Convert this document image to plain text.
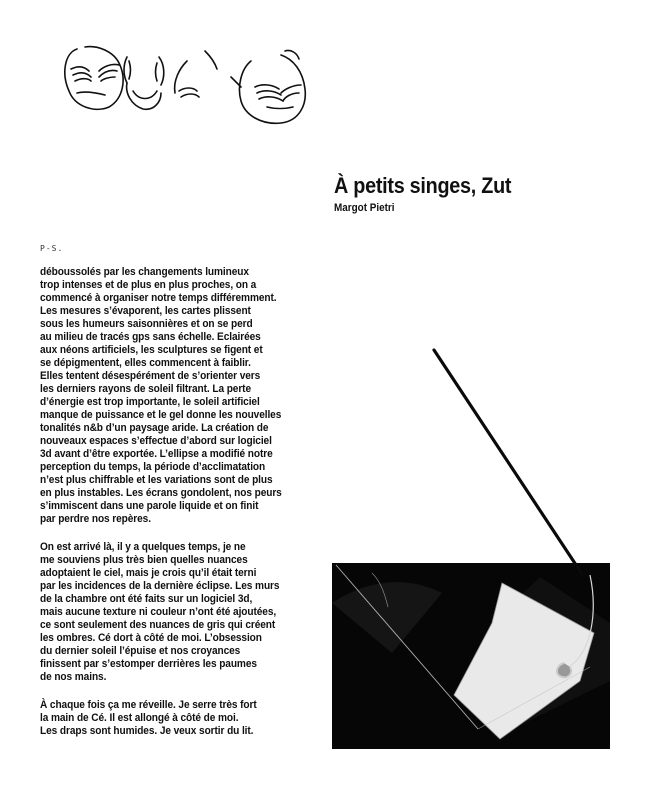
À petits singes, Zut
Margot Pietri
P-S.
déboussolés par les changements lumineux
trop intenses et de plus en plus proches, on a
commencé à organiser notre temps différemment.
Les mesures s’évaporent, les cartes plissent
sous les humeurs saisonnières et on se perd
au milieu de tracés gps sans échelle. Eclairées
aux néons artificiels, les sculptures se figent et
se dépigmentent, elles commencent à faiblir.
Elles tentent désespérément de s’orienter vers
les derniers rayons de soleil filtrant. La perte
d’énergie est trop importante, le soleil artificiel
manque de puissance et le gel donne les nouvelles
tonalités n&b d’un paysage aride. La création de
nouveaux espaces s’effectue d’abord sur logiciel
3d avant d’être exportée. L’ellipse a modifié notre
perception du temps, la période d’acclimatation
n’est plus chiffrable et les variations sont de plus
en plus instables. Les écrans gondolent, nos peurs
s’immiscent dans une parole liquide et on finit
par perdre nos repères.
On est arrivé là, il y a quelques temps, je ne
me souviens plus très bien quelles nuances
adoptaient le ciel, mais je crois qu’il était terni
par les incidences de la dernière éclipse. Les murs
de la chambre ont été faits sur un logiciel 3d,
mais aucune texture ni couleur n’ont été ajoutées,
ce sont seulement des nuances de gris qui créent
les ombres. Cé dort à côté de moi. L’obsession
du dernier soleil l’épuise et nos croyances
finissent par s’estomper derrières les paumes
de nos mains.
À chaque fois ça me réveille. Je serre très fort
la main de Cé. Il est allongé à côté de moi.
Les draps sont humides. Je veux sortir du lit.
